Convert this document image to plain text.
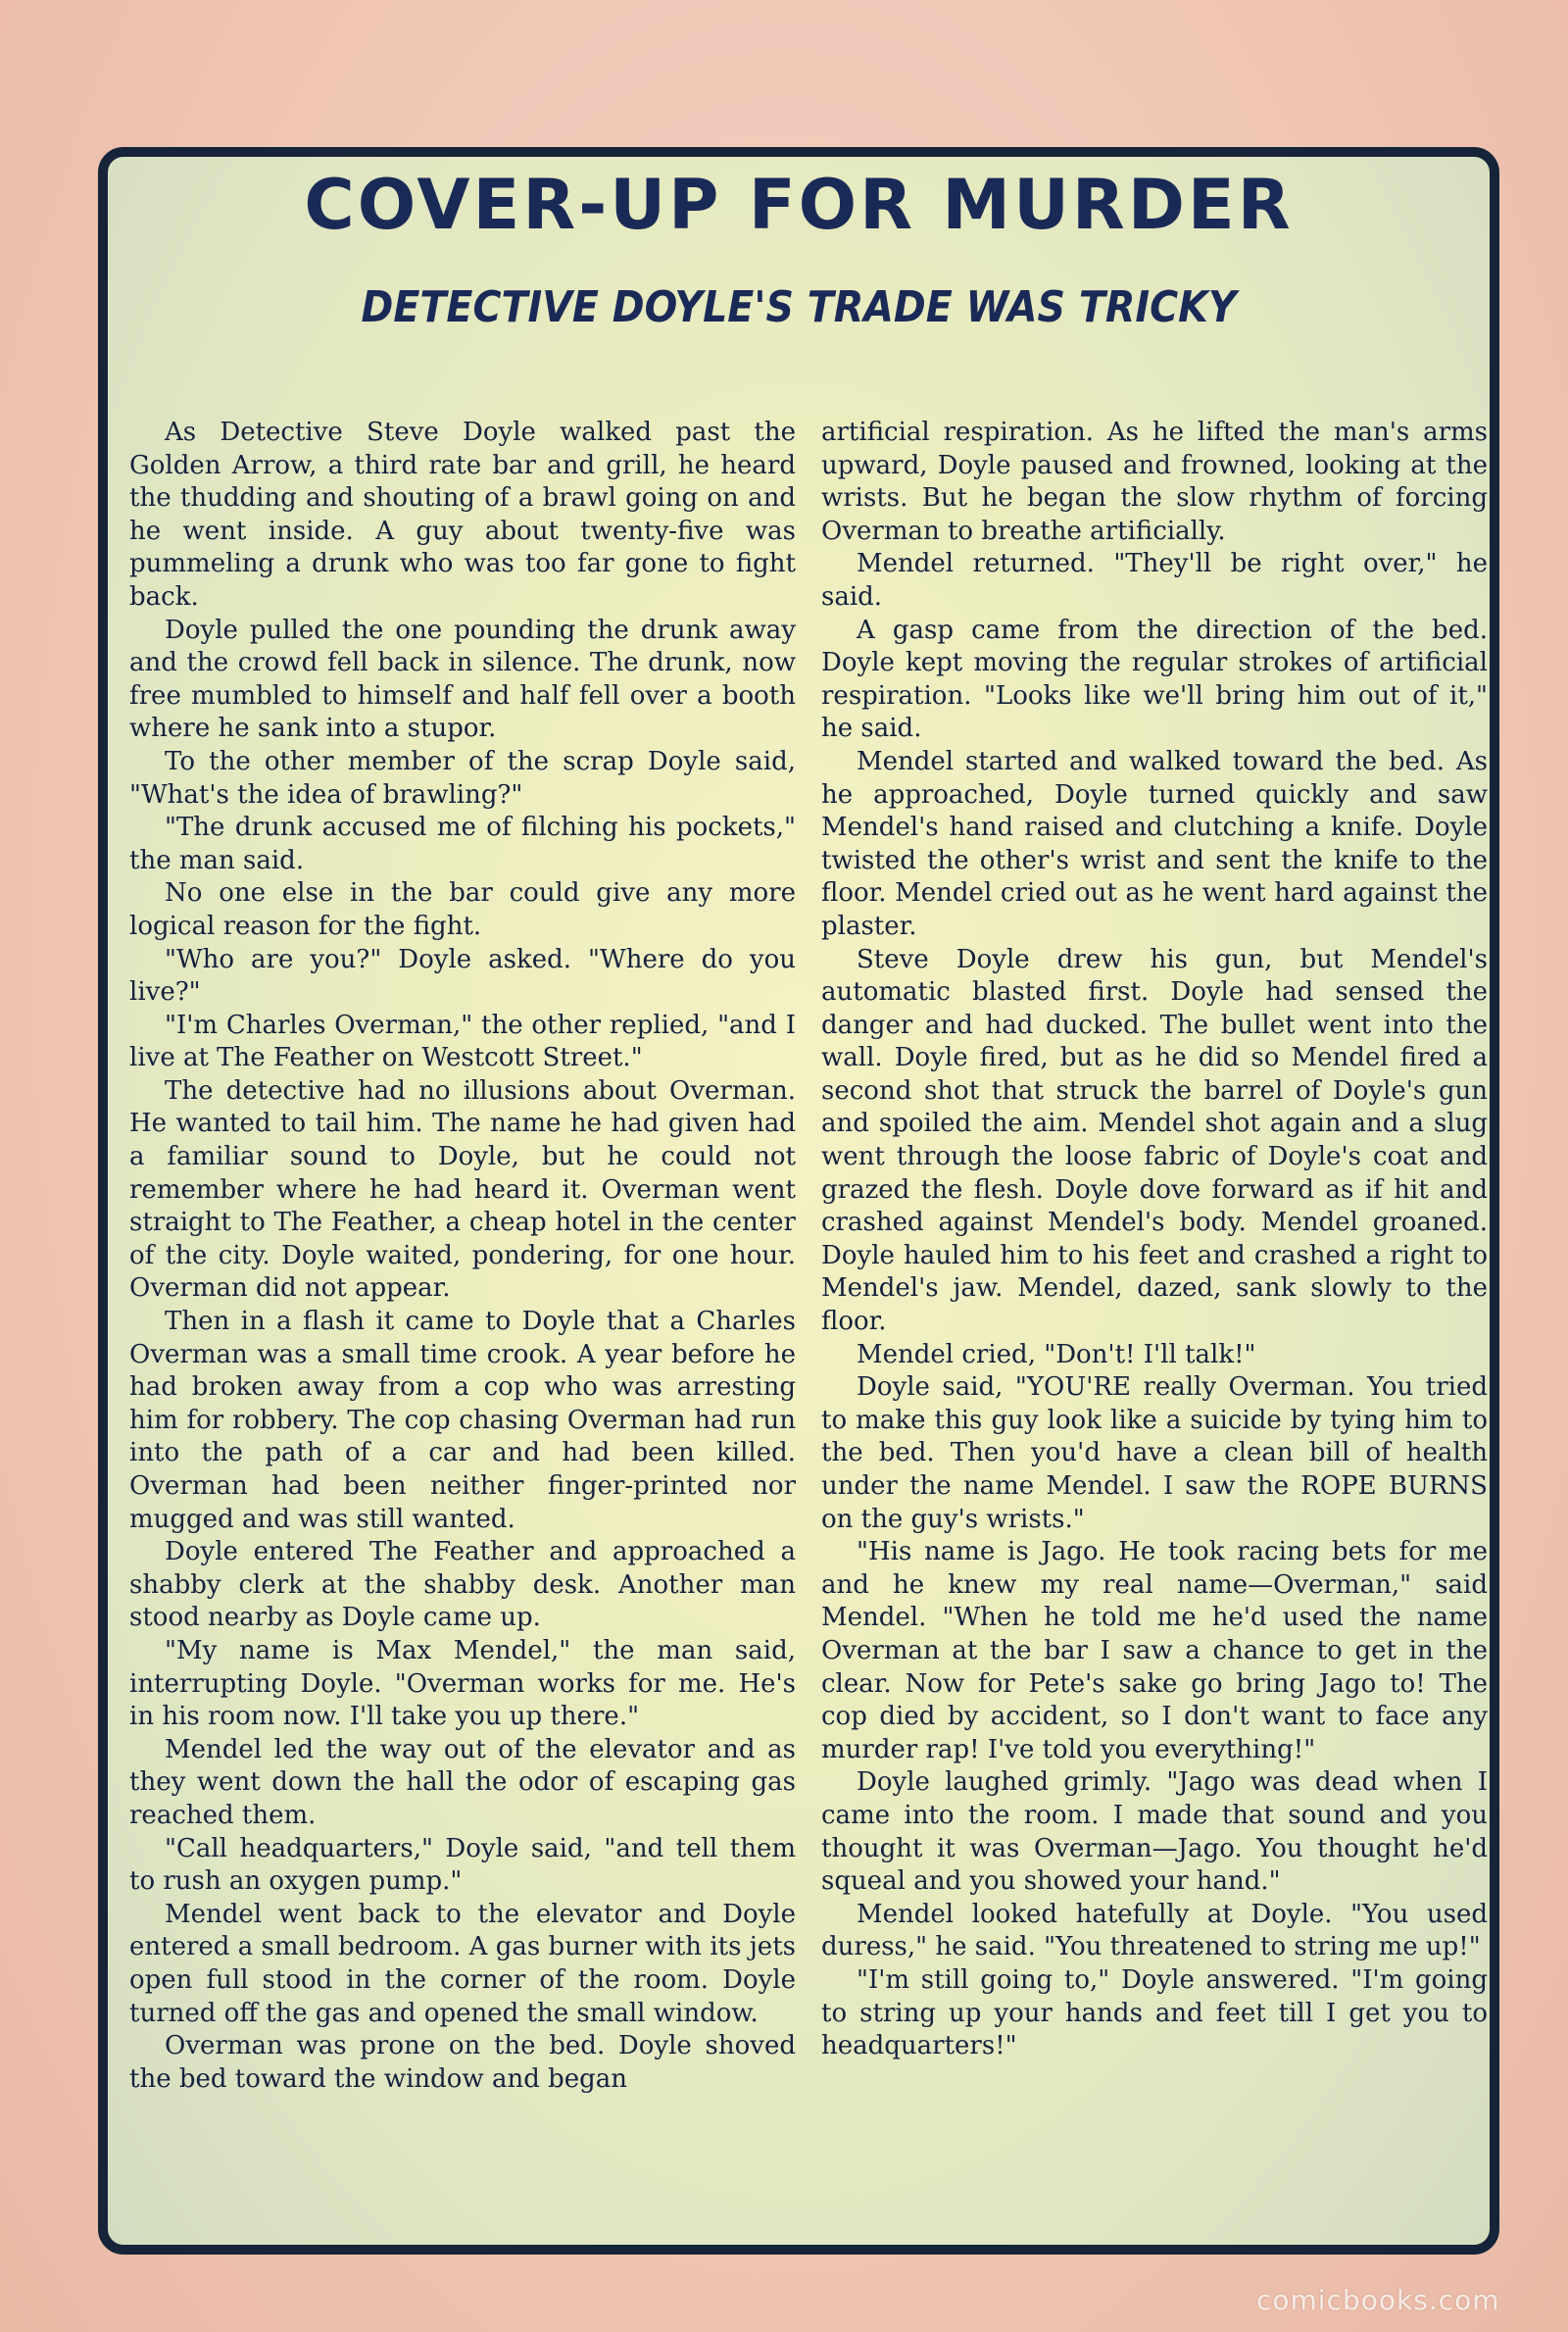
COVER-UP FOR MURDER
DETECTIVE DOYLE'S TRADE WAS TRICKY

As Detective Steve Doyle walked past the Golden Arrow, a third rate bar and grill, he heard the thudding and shouting of a brawl going on and he went inside. A guy about twenty-five was pummeling a drunk who was too far gone to fight back.

Doyle pulled the one pounding the drunk away and the crowd fell back in silence. The drunk, now free mumbled to himself and half fell over a booth where he sank into a stupor.

To the other member of the scrap Doyle said, "What's the idea of brawling?"

"The drunk accused me of filching his pockets," the man said.

No one else in the bar could give any more logical reason for the fight.

"Who are you?" Doyle asked. "Where do you live?"

"I'm Charles Overman," the other replied, "and I live at The Feather on Westcott Street."

The detective had no illusions about Overman. He wanted to tail him. The name he had given had a familiar sound to Doyle, but he could not remember where he had heard it. Overman went straight to The Feather, a cheap hotel in the center of the city. Doyle waited, pondering, for one hour. Overman did not appear.

Then in a flash it came to Doyle that a Charles Overman was a small time crook. A year before he had broken away from a cop who was arresting him for robbery. The cop chasing Overman had run into the path of a car and had been killed. Overman had been neither finger-printed nor mugged and was still wanted.

Doyle entered The Feather and approached a shabby clerk at the shabby desk. Another man stood nearby as Doyle came up.

"My name is Max Mendel," the man said, interrupting Doyle. "Overman works for me. He's in his room now. I'll take you up there."

Mendel led the way out of the elevator and as they went down the hall the odor of escaping gas reached them.

"Call headquarters," Doyle said, "and tell them to rush an oxygen pump."

Mendel went back to the elevator and Doyle entered a small bedroom. A gas burner with its jets open full stood in the corner of the room. Doyle turned off the gas and opened the small window.

Overman was prone on the bed. Doyle shoved the bed toward the window and began

artificial respiration. As he lifted the man's arms upward, Doyle paused and frowned, looking at the wrists. But he began the slow rhythm of forcing Overman to breathe artificially.

Mendel returned. "They'll be right over," he said.

A gasp came from the direction of the bed. Doyle kept moving the regular strokes of artificial respiration. "Looks like we'll bring him out of it," he said.

Mendel started and walked toward the bed. As he approached, Doyle turned quickly and saw Mendel's hand raised and clutching a knife. Doyle twisted the other's wrist and sent the knife to the floor. Mendel cried out as he went hard against the plaster.

Steve Doyle drew his gun, but Mendel's automatic blasted first. Doyle had sensed the danger and had ducked. The bullet went into the wall. Doyle fired, but as he did so Mendel fired a second shot that struck the barrel of Doyle's gun and spoiled the aim. Mendel shot again and a slug went through the loose fabric of Doyle's coat and grazed the flesh. Doyle dove forward as if hit and crashed against Mendel's body. Mendel groaned. Doyle hauled him to his feet and crashed a right to Mendel's jaw. Mendel, dazed, sank slowly to the floor.

Mendel cried, "Don't! I'll talk!"

Doyle said, "YOU'RE really Overman. You tried to make this guy look like a suicide by tying him to the bed. Then you'd have a clean bill of health under the name Mendel. I saw the ROPE BURNS on the guy's wrists."

"His name is Jago. He took racing bets for me and he knew my real name—Overman," said Mendel. "When he told me he'd used the name Overman at the bar I saw a chance to get in the clear. Now for Pete's sake go bring Jago to! The cop died by accident, so I don't want to face any murder rap! I've told you everything!"

Doyle laughed grimly. "Jago was dead when I came into the room. I made that sound and you thought it was Overman—Jago. You thought he'd squeal and you showed your hand."

Mendel looked hatefully at Doyle. "You used duress," he said. "You threatened to string me up!"

"I'm still going to," Doyle answered. "I'm going to string up your hands and feet till I get you to headquarters!"

comicbooks.com
